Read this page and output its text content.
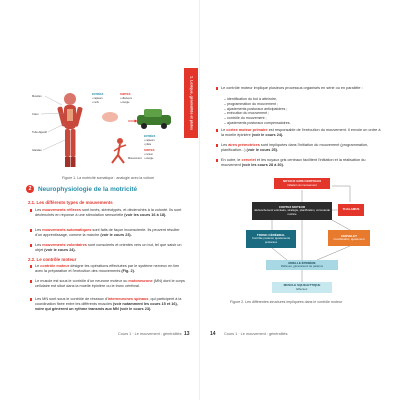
1. Lexique, généralités et pistes
Muscles
Cœur
Tube digestif
Glandes
ENTRÉES
• capteurs
• nerfs
SORTIES
• effecteurs
• énergie
Mouvement
ENTRÉES
• capteurs
• pilote
SORTIES
• moteur
• énergie
Figure 1. La motricité somatique : analogie avec la voiture
2	Neurophysiologie de la motricité
2.1. Les différents types de mouvements
Les mouvements réflexes sont innés, stéréotypés, et déclenchés à la volonté. Ils sont déclenchés en réponse à une stimulation sensorielle (voir les cours 16 à 18).
Les mouvements automatiques sont faits de façon inconsciente. Ils peuvent résulter d'un apprentissage, comme la marche (voir le cours 23).
Les mouvements volontaires sont conscients et orientés vers un but, tel que saisir un objet (voir le cours 24).
2.2. Le contrôle moteur
Le contrôle moteur désigne les opérations effectuées par le système nerveux en lien avec la préparation et l'exécution des mouvements (Fig. 2).
Le muscle est sous le contrôle d'un neurone moteur ou motoneurone (MN) dont le corps cellulaire est situé dans la moelle épinière ou le tronc cérébral.
Les MN sont sous le contrôle de réseaux d'interneurones spinaux, qui participent à la coordination fixée entre les différents muscles (voir notamment les cours 15 et 16), voire qui génèrent un rythme transmis aux MN (voir le cours 23).
Cours 1 · Le mouvement : généralités 13
Le contrôle moteur implique plusieurs processus organisés en série ou en parallèle :
– identification du but à atteindre,
– programmation du mouvement ;
– ajustements posturaux anticipatoires ;
– exécution du mouvement ;
– contrôle du mouvement ;
– ajustements posturaux compensatoires.
Le cortex moteur primaire est responsable de l'exécution du mouvement. Il envoie un ordre à la moelle épinière (voir le cours 24).
Les aires prémotrices sont impliquées dans l'initiation du mouvement (programmation, planification...) (voir le cours 25).
En outre, le cervelet et les noyaux gris centraux facilitent l'initiation et la réalisation du mouvement (voir les cours 28 à 30).
NOYAUX GRIS CENTRAUX
initiation du mouvement
CORTEX MOTEUR
déclenchement volontaire, stratégie, planification, commande motrice
THALAMUS
TRONC CÉRÉBRAL
Contrôle postural, ajustements posturaux
CERVELET
Coordination, ajustement
MOELLE ÉPINIÈRE
Réflexes, générateurs de patterns
MUSCLE SQUELETTIQUE
Effecteur
Figure 2. Les différentes structures impliquées dans le contrôle moteur
14 Cours 1 · Le mouvement : généralités
